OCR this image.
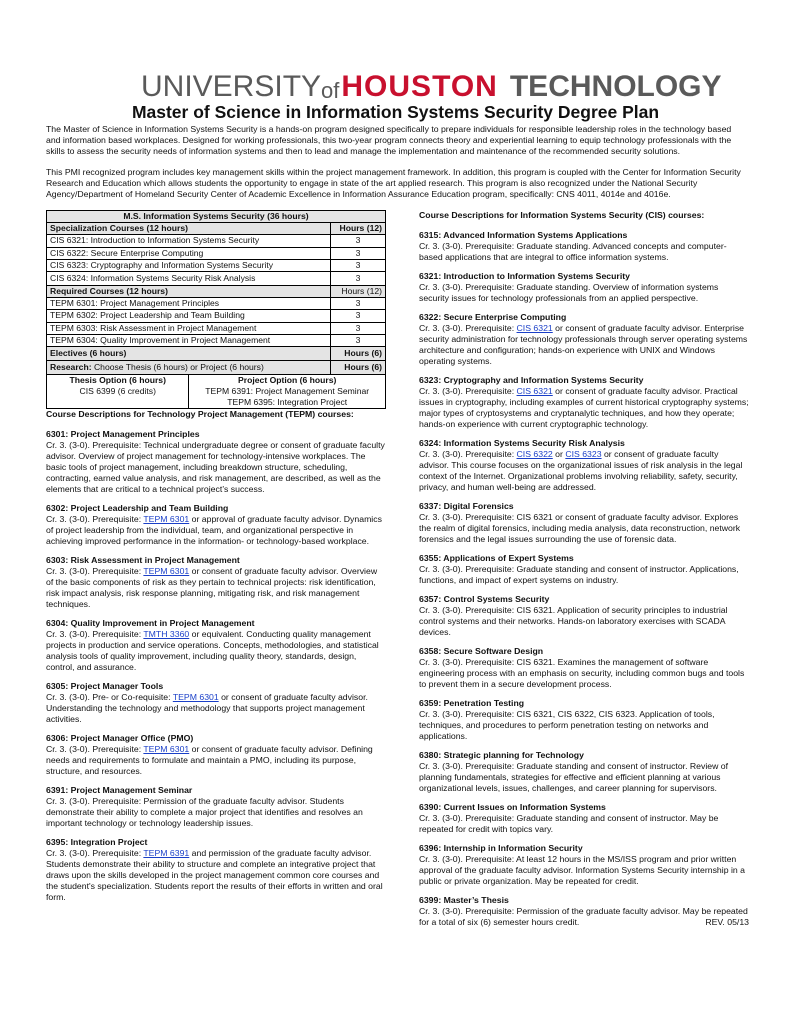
UNIVERSITY of HOUSTON TECHNOLOGY
Master of Science in Information Systems Security Degree Plan

The Master of Science in Information Systems Security is a hands-on program designed specifically to prepare individuals for responsible leadership roles in the technology based and information based workplaces. Designed for working professionals, this two-year program connects theory and experiential learning to equip technology professionals with the skills to assess the security needs of information systems and then to lead and manage the implementation and maintenance of the recommended security solutions.

This PMI recognized program includes key management skills within the project management framework. In addition, this program is coupled with the Center for Information Security Research and Education which allows students the opportunity to engage in state of the art applied research. This program is also recognized under the National Security Agency/Department of Homeland Security Center of Academic Excellence in Information Assurance Education program, specifically: CNS 4011, 4014e and 4016e.

M.S. Information Systems Security (36 hours)
Specialization Courses (12 hours)	Hours (12)
CIS 6321: Introduction to Information Systems Security	3
CIS 6322: Secure Enterprise Computing	3
CIS 6323: Cryptography and Information Systems Security	3
CIS 6324: Information Systems Security Risk Analysis	3
Required Courses (12 hours)	Hours (12)
TEPM 6301: Project Management Principles	3
TEPM 6302: Project Leadership and Team Building	3
TEPM 6303: Risk Assessment in Project Management	3
TEPM 6304: Quality Improvement in Project Management	3
Electives (6 hours)	Hours (6)
Research: Choose Thesis (6 hours) or Project (6 hours)	Hours (6)

Thesis Option (6 hours)
CIS 6399 (6 credits)

Project Option (6 hours)
TEPM 6391: Project Management Seminar
TEPM 6395: Integration Project
Course Descriptions for Technology Project Management (TEPM) courses:
6301: Project Management Principles
Cr. 3. (3-0). Prerequisite: Technical undergraduate degree or consent of graduate faculty advisor. Overview of project management for technology-intensive workplaces. The basic tools of project management, including breakdown structure, scheduling, contracting, earned value analysis, and risk management, are described, as well as the elements that are critical to a technical project’s success.
6302: Project Leadership and Team Building
Cr. 3. (3-0). Prerequisite: TEPM 6301 or approval of graduate faculty advisor. Dynamics of project leadership from the individual, team, and organizational perspective in achieving improved performance in the information- or technology-based workplace.
6303: Risk Assessment in Project Management
Cr. 3. (3-0). Prerequisite: TEPM 6301 or consent of graduate faculty advisor. Overview of the basic components of risk as they pertain to technical projects: risk identification, risk impact analysis, risk response planning, mitigating risk, and risk management techniques.
6304: Quality Improvement in Project Management
Cr. 3. (3-0). Prerequisite: TMTH 3360 or equivalent. Conducting quality management projects in production and service operations. Concepts, methodologies, and statistical analysis tools of quality improvement, including quality theory, standards, design, control, and assurance.
6305: Project Manager Tools
Cr. 3. (3-0). Pre- or Co-requisite: TEPM 6301 or consent of graduate faculty advisor. Understanding the technology and methodology that supports project management activities.
6306: Project Manager Office (PMO)
Cr. 3. (3-0). Prerequisite: TEPM 6301 or consent of graduate faculty advisor. Defining needs and requirements to formulate and maintain a PMO, including its purpose, structure, and resources.
6391: Project Management Seminar
Cr. 3. (3-0). Prerequisite: Permission of the graduate faculty advisor. Students demonstrate their ability to complete a major project that identifies and resolves an important technology or technology leadership issues.
6395: Integration Project
Cr. 3. (3-0). Prerequisite: TEPM 6391 and permission of the graduate faculty advisor. Students demonstrate their ability to structure and complete an integrative project that draws upon the skills developed in the project management common core courses and the student's specialization. Students report the results of their efforts in written and oral form.
Course Descriptions for Information Systems Security (CIS) courses:
6315: Advanced Information Systems Applications
Cr. 3. (3-0). Prerequisite: Graduate standing. Advanced concepts and computer-based applications that are integral to office information systems.
6321: Introduction to Information Systems Security
Cr. 3. (3-0). Prerequisite: Graduate standing. Overview of information systems security issues for technology professionals from an applied perspective.
6322: Secure Enterprise Computing
Cr. 3. (3-0). Prerequisite: CIS 6321 or consent of graduate faculty advisor. Enterprise security administration for technology professionals through server operating systems architecture and configuration; hands-on experience with UNIX and Windows operating systems.
6323: Cryptography and Information Systems Security
Cr. 3. (3-0). Prerequisite: CIS 6321 or consent of graduate faculty advisor. Practical issues in cryptography, including examples of current historical cryptography systems; major types of cryptosystems and cryptanalytic techniques, and how they operate; hands-on experience with current cryptographic technology.
6324: Information Systems Security Risk Analysis
Cr. 3. (3-0). Prerequisite: CIS 6322 or CIS 6323 or consent of graduate faculty advisor. This course focuses on the organizational issues of risk analysis in the legal context of the Internet. Organizational problems involving reliability, safety, security, privacy, and human well-being are addressed.
6337: Digital Forensics
Cr. 3. (3-0). Prerequisite: CIS 6321 or consent of graduate faculty advisor. Explores the realm of digital forensics, including media analysis, data reconstruction, network forensics and the legal issues surrounding the use of forensic data.
6355: Applications of Expert Systems
Cr. 3. (3-0). Prerequisite: Graduate standing and consent of instructor. Applications, functions, and impact of expert systems on industry.
6357: Control Systems Security
Cr. 3. (3-0). Prerequisite: CIS 6321. Application of security principles to industrial control systems and their networks. Hands-on laboratory exercises with SCADA devices.
6358: Secure Software Design
Cr. 3. (3-0). Prerequisite: CIS 6321. Examines the management of software engineering process with an emphasis on security, including common bugs and tools to prevent them in a secure development process.
6359: Penetration Testing
Cr. 3. (3-0). Prerequisite: CIS 6321, CIS 6322, CIS 6323. Application of tools, techniques, and procedures to perform penetration testing on networks and applications.
6380: Strategic planning for Technology
Cr. 3. (3-0). Prerequisite: Graduate standing and consent of instructor. Review of planning fundamentals, strategies for effective and efficient planning at various organizational levels, issues, challenges, and career planning for supervisors.
6390: Current Issues on Information Systems
Cr. 3. (3-0). Prerequisite: Graduate standing and consent of instructor. May be repeated for credit with topics vary.
6396: Internship in Information Security
Cr. 3. (3-0). Prerequisite: At least 12 hours in the MS/ISS program and prior written approval of the graduate faculty advisor. Information Systems Security internship in a public or private organization. May be repeated for credit.
6399: Master’s Thesis
Cr. 3. (3-0). Prerequisite: Permission of the graduate faculty advisor. May be repeated for a total of six (6) semester hours credit.	REV. 05/13
